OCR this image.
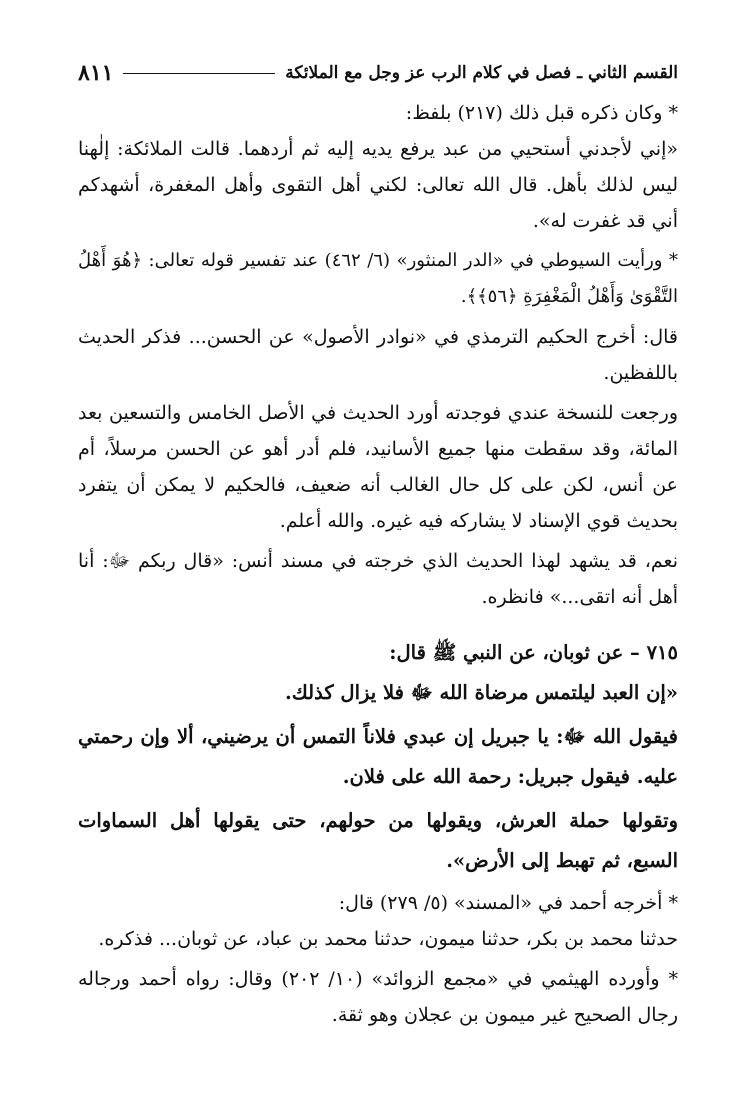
القسم الثاني ـ فصل في كلام الرب عز وجل مع الملائكة
٨١١

* وكان ذكره قبل ذلك (٢١٧) بلفظ:

«إني لأجدني أستحيي من عبد يرفع يديه إليه ثم أردهما. قالت الملائكة: إلٰهنا ليس لذلك بأهل. قال الله تعالى: لكني أهل التقوى وأهل المغفرة، أشهدكم أني قد غفرت له».

* ورأيت السيوطي في «الدر المنثور» (٦/ ٤٦٢) عند تفسير قوله تعالى: ﴿هُوَ أَهْلُ التَّقْوَىٰ وَأَهْلُ الْمَغْفِرَةِ ﴿٥٦﴾﴾.

قال: أخرج الحكيم الترمذي في «نوادر الأصول» عن الحسن... فذكر الحديث باللفظين.

ورجعت للنسخة عندي فوجدته أورد الحديث في الأصل الخامس والتسعين بعد المائة، وقد سقطت منها جميع الأسانيد، فلم أدر أهو عن الحسن مرسلاً، أم عن أنس، لكن على كل حال الغالب أنه ضعيف، فالحكيم لا يمكن أن يتفرد بحديث قوي الإسناد لا يشاركه فيه غيره. والله أعلم.

نعم، قد يشهد لهذا الحديث الذي خرجته في مسند أنس: «قال ربكم ﷻ: أنا أهل أنه اتقى...» فانظره.

٧١٥ – عن ثوبان، عن النبي ﷺ قال:

«إن العبد ليلتمس مرضاة الله ﷻ فلا يزال كذلك.

فيقول الله ﷻ: يا جبريل إن عبدي فلاناً التمس أن يرضيني، ألا وإن رحمتي عليه. فيقول جبريل: رحمة الله على فلان.

وتقولها حملة العرش، ويقولها من حولهم، حتى يقولها أهل السماوات السبع، ثم تهبط إلى الأرض».

* أخرجه أحمد في «المسند» (٥/ ٢٧٩) قال:

حدثنا محمد بن بكر، حدثنا ميمون، حدثنا محمد بن عباد، عن ثوبان... فذكره.

* وأورده الهيثمي في «مجمع الزوائد» (١٠/ ٢٠٢) وقال: رواه أحمد ورجاله رجال الصحيح غير ميمون بن عجلان وهو ثقة.
